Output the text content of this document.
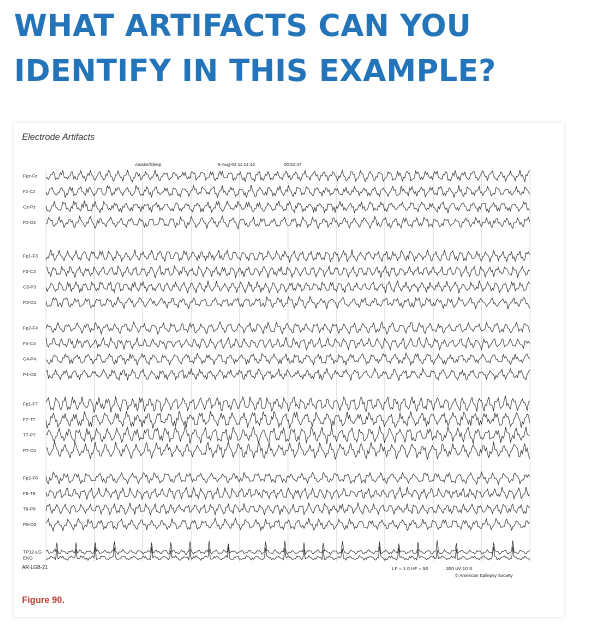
WHAT ARTIFACTS CAN YOU
IDENTIFY IN THIS EXAMPLE?
Electrode Artifacts
Fpz-Fz
Fz-Cz
Cz-Pz
Pz-Oz
Fp1-F3
F3-C3
C3-P3
P3-O1
Fp2-F4
F4-C4
C4-P4
P4-O2
Fp1-F7
F7-T7
T7-P7
P7-O1
Fp2-F8
F8-T8
T8-P8
P8-O2
TP12-LG
EKG
Awake/Sleep	8-Aug-02 11:14:42	00:52:47
AR-LGB-21	LF = 1.0 HF = 50	300 uV 10 S
© American Epilepsy Society
Figure 90.
